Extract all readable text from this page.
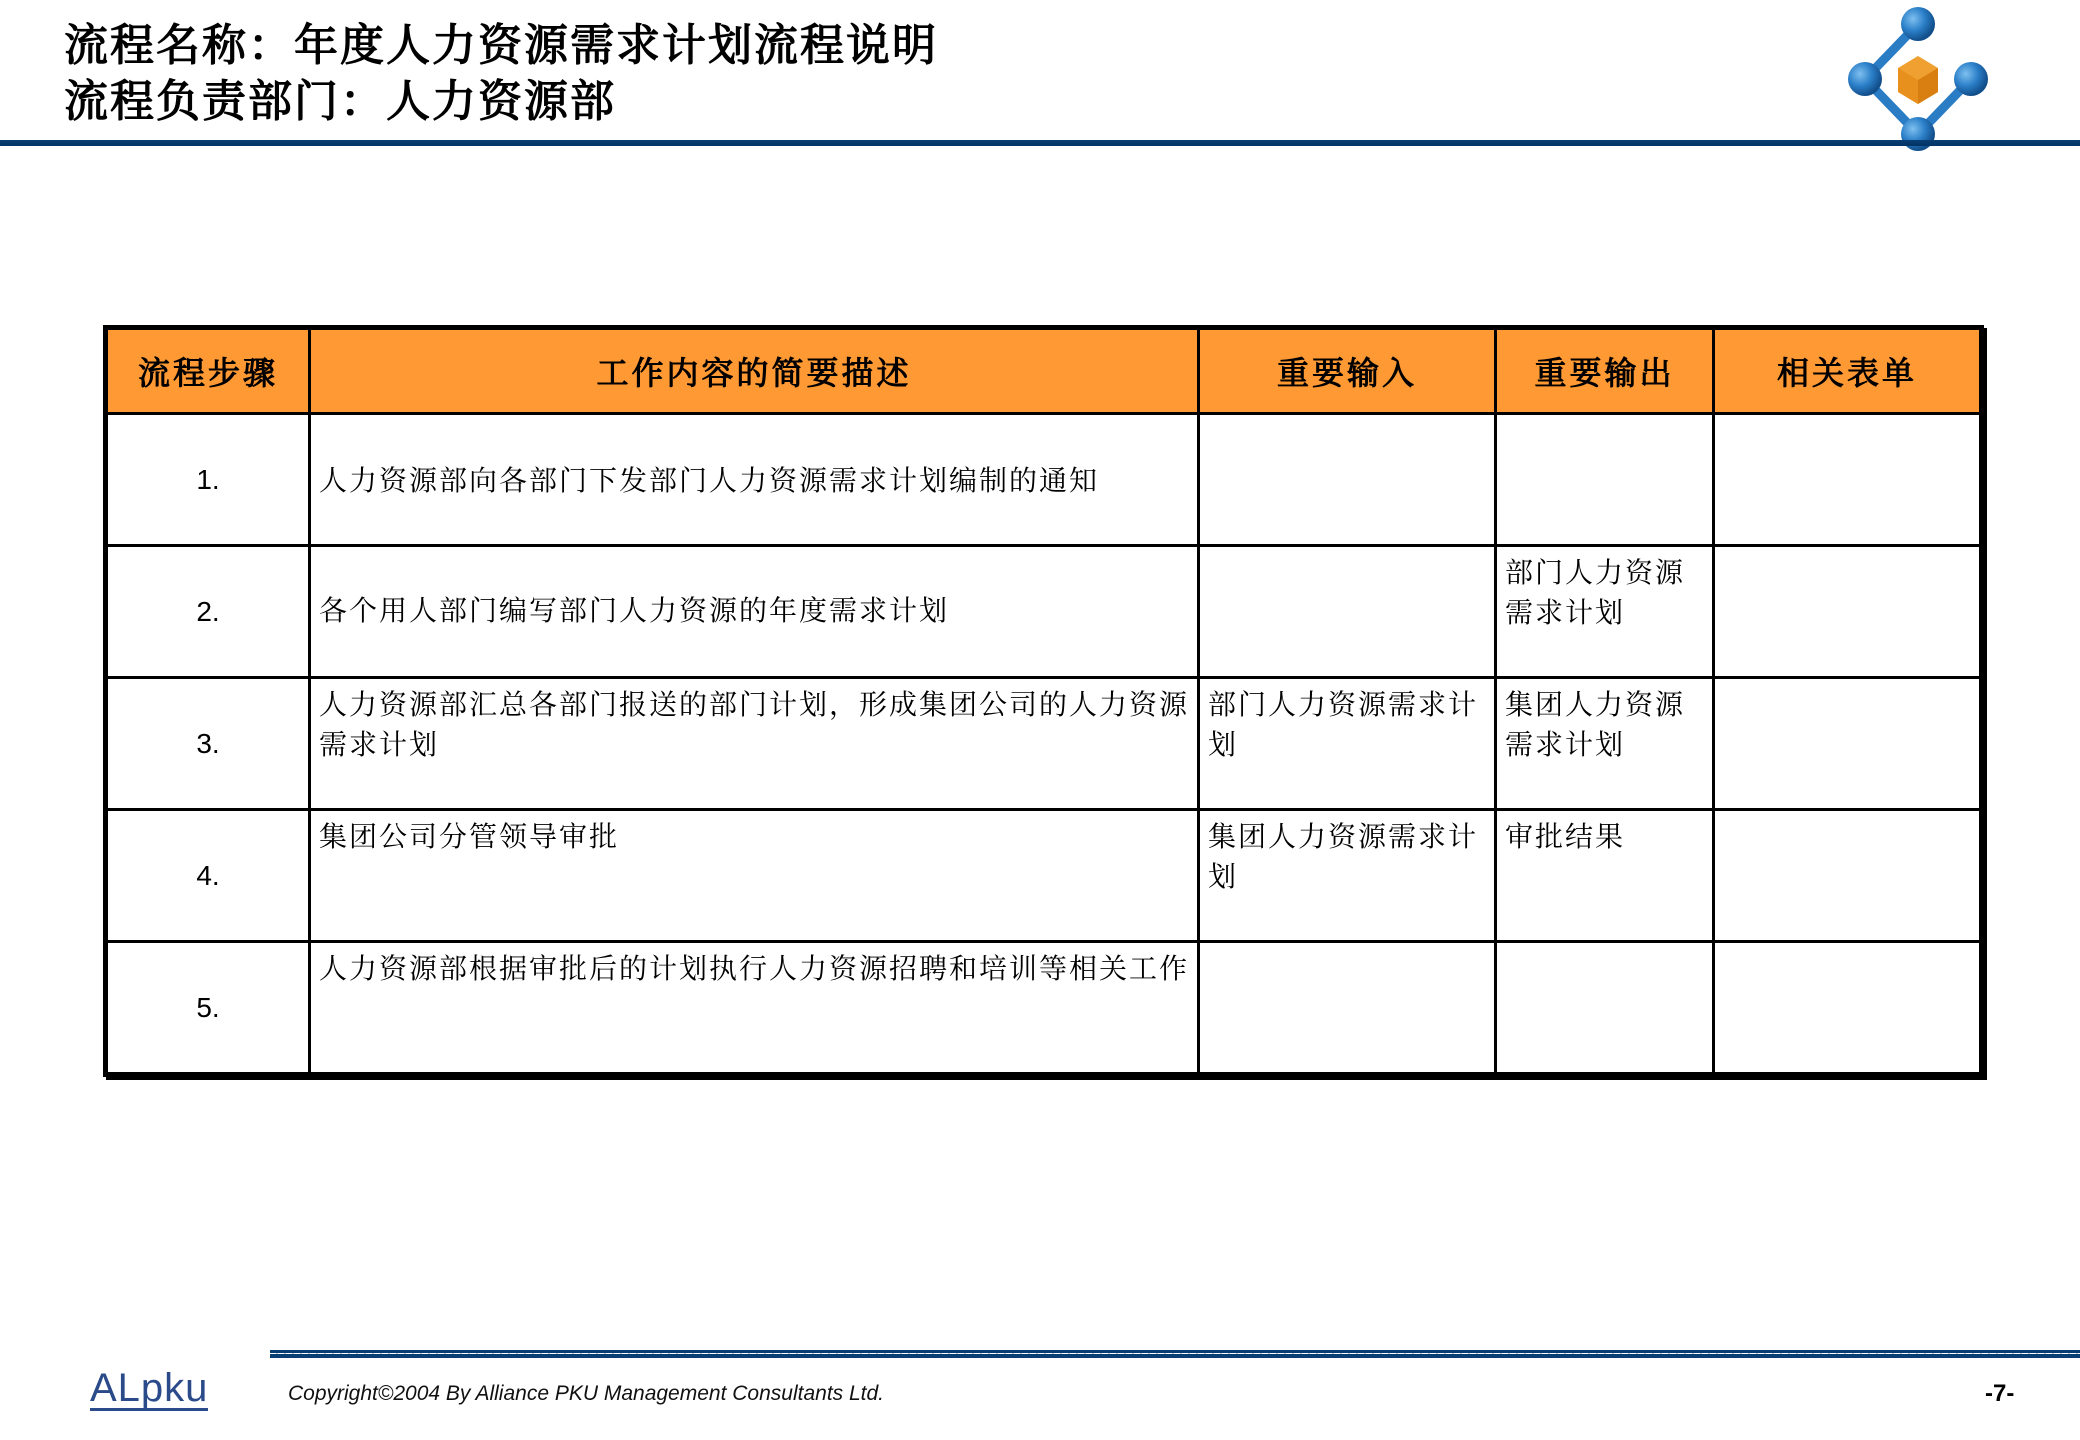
流程名称：年度人力资源需求计划流程说明
流程负责部门：人力资源部
流程步骤	工作内容的简要描述	重要输入	重要输出	相关表单
1.	人力资源部向各部门下发部门人力资源需求计划编制的通知			

2.	各个用人部门编写部门人力资源的年度需求计划		部门人力资源需求计划	

3.	人力资源部汇总各部门报送的部门计划，形成集团公司的人力资源需求计划	部门人力资源需求计划	集团人力资源需求计划	

4.	集团公司分管领导审批	集团人力资源需求计划	审批结果	

5.	人力资源部根据审批后的计划执行人力资源招聘和培训等相关工作			

ALpku	Copyright©2004 By Alliance PKU Management Consultants Ltd.	-7-
